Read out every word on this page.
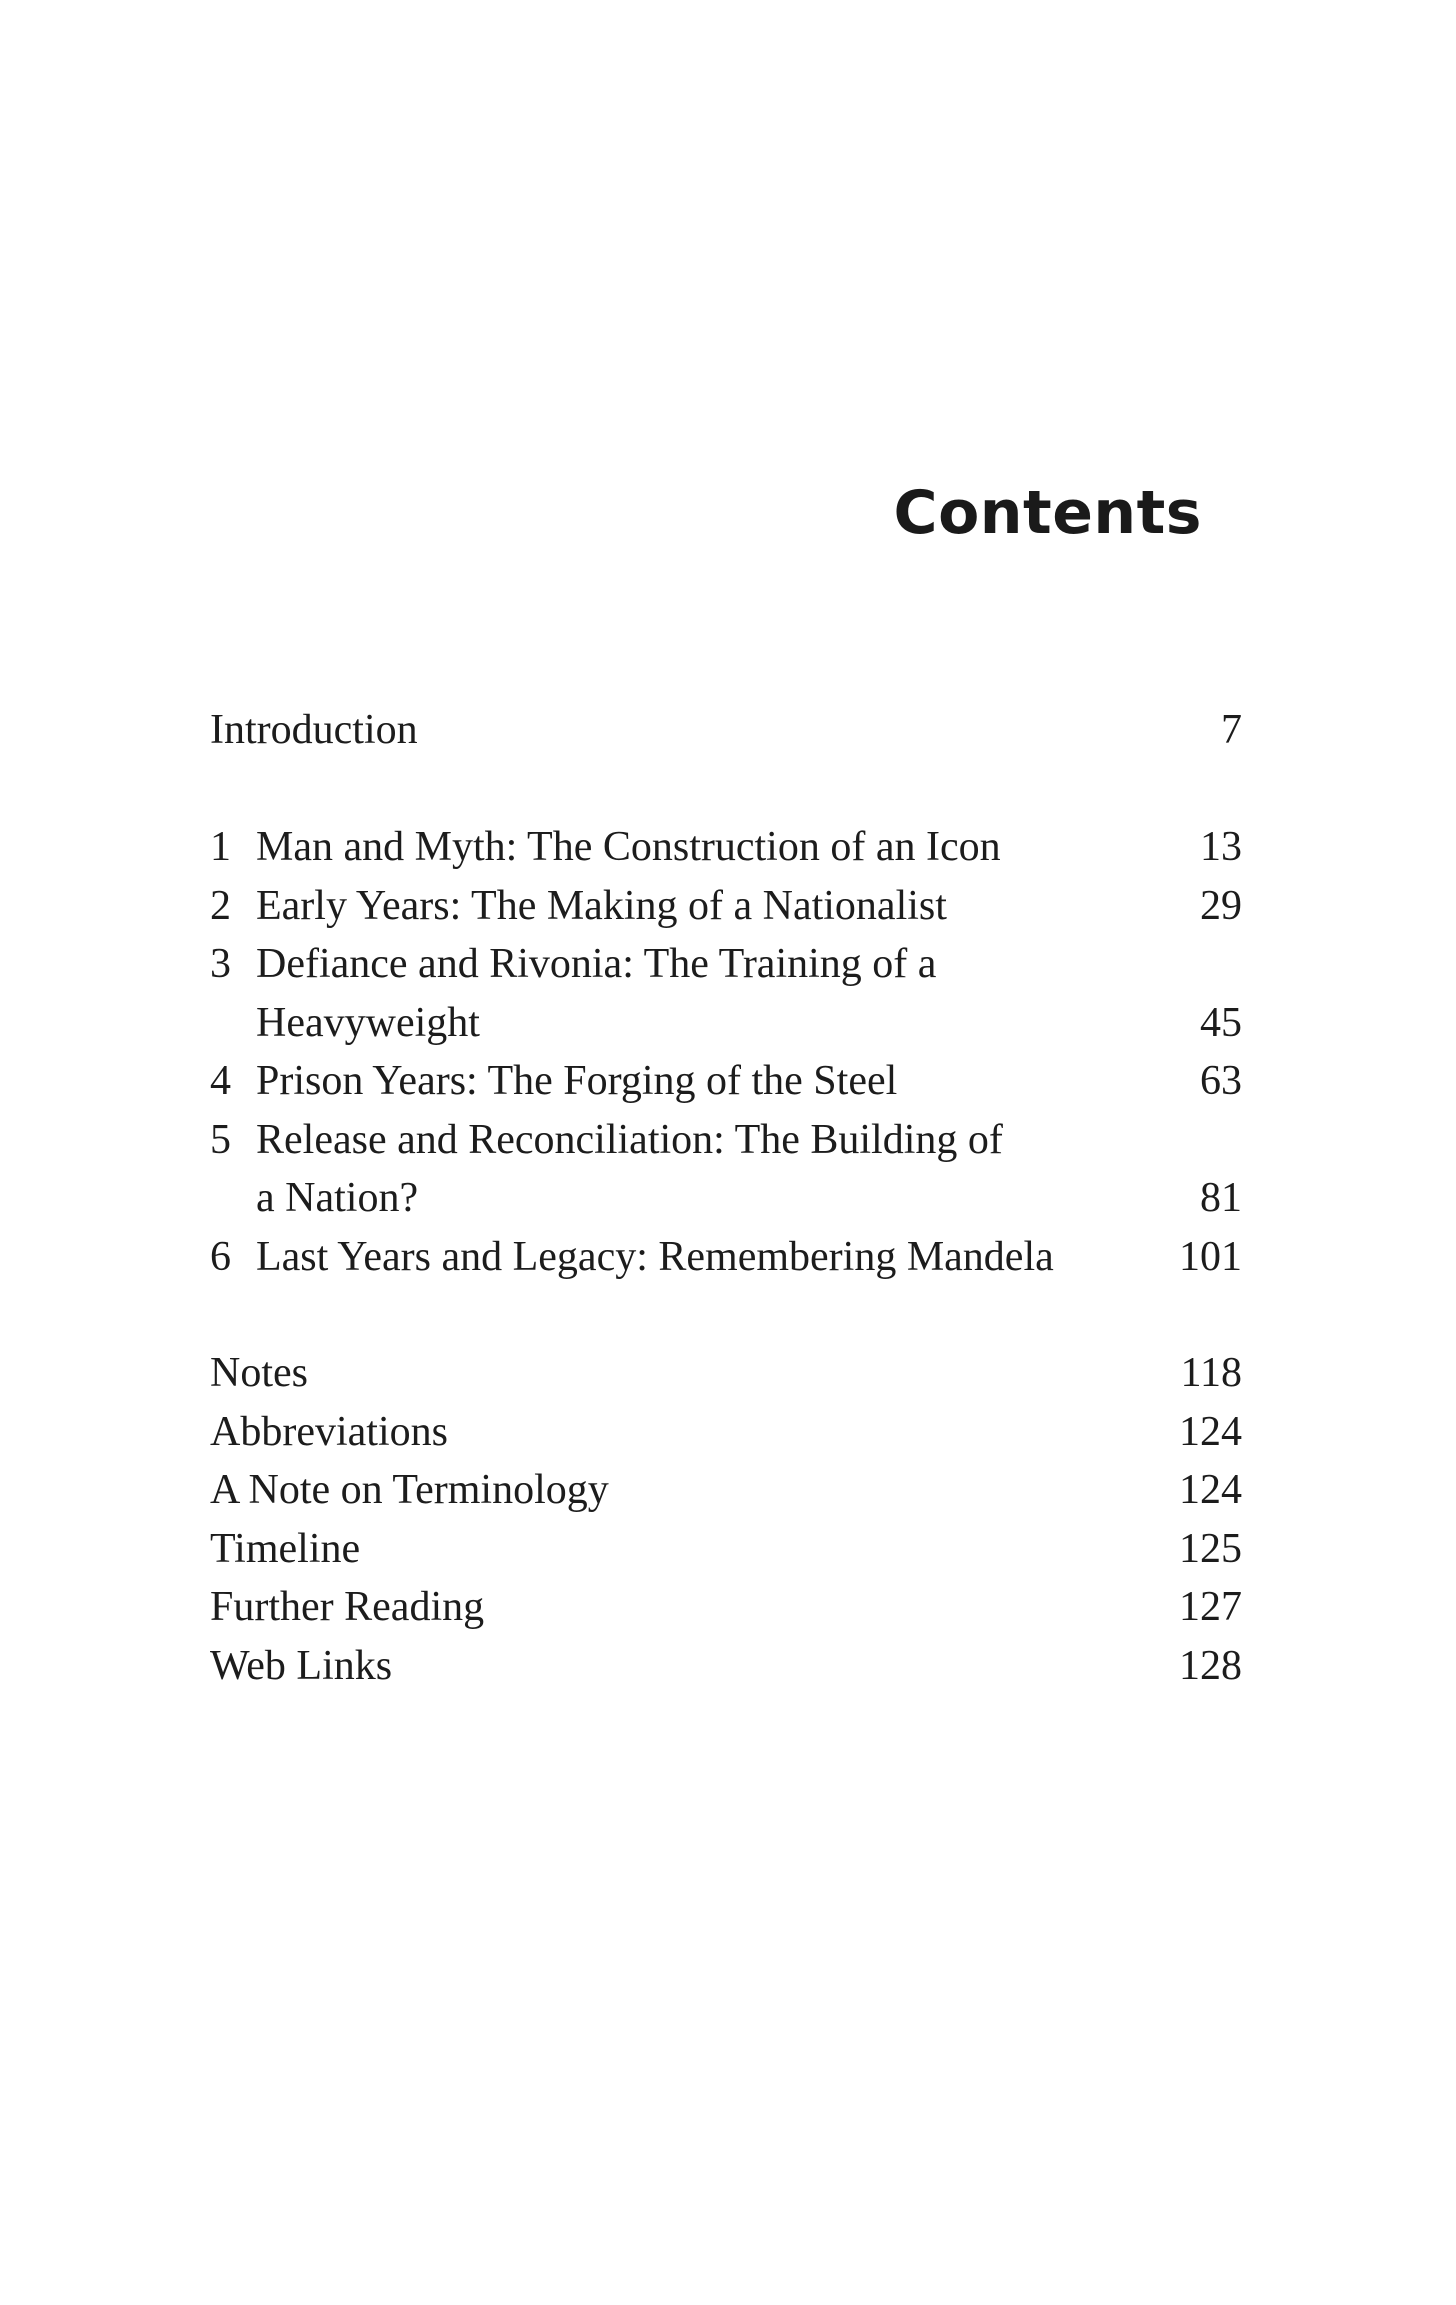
Contents
Introduction	7
1 Man and Myth: The Construction of an Icon	13
2 Early Years: The Making of a Nationalist	29
3 Defiance and Rivonia: The Training of a
Heavyweight	45
4 Prison Years: The Forging of the Steel	63
5 Release and Reconciliation: The Building of
a Nation?	81
6 Last Years and Legacy: Remembering Mandela	101
Notes	118
Abbreviations	124
A Note on Terminology	124
Timeline	125
Further Reading	127
Web Links	128
